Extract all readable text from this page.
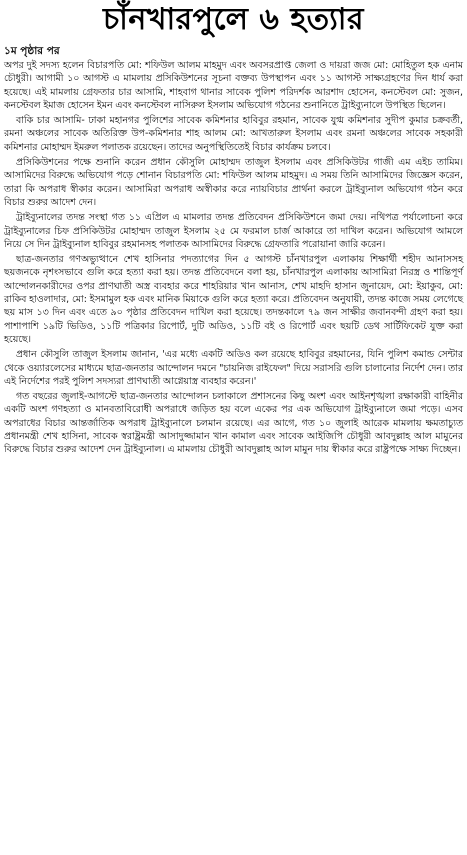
চাঁনখারপুলে ৬ হত্যার
১ম পৃষ্ঠার পর

অপর দুই সদস্য হলেন বিচারপতি মো: শফিউল আলম মাহমুদ এবং অবসরপ্রাপ্ত জেলা ও দায়রা জজ মো: মোহিতুল হক এনাম চৌধুরী। আগামী ১০ আগস্ট এ মামলায় প্রসিকিউশনের সূচনা বক্তব্য উপস্থাপন এবং ১১ আগস্ট সাক্ষ্যগ্রহণের দিন ধার্য করা হয়েছে। এই মামলায় গ্রেফতার চার আসামি, শাহবাগ থানার সাবেক পুলিশ পরিদর্শক আরশাদ হোসেন, কনস্টেবল মো: সুজন, কনস্টেবল ইমাজ হোসেন ইমন এবং কনস্টেবল নাসিরুল ইসলাম অভিযোগ গঠনের শুনানিতে ট্রাইব্যুনালে উপস্থিত ছিলেন।

বাকি চার আসামি- ঢাকা মহানগর পুলিশের সাবেক কমিশনার হাবিবুর রহমান, সাবেক যুগ্ম কমিশনার সুদীপ কুমার চক্রবর্তী, রমনা অঞ্চলের সাবেক অতিরিক্ত উপ-কমিশনার শাহ আলম মো: আখতারুল ইসলাম এবং রমনা অঞ্চলের সাবেক সহকারী কমিশনার মোহাম্মদ ইমরুল পলাতক রয়েছেন। তাদের অনুপস্থিতিতেই বিচার কার্যক্রম চলবে।

প্রসিকিউশনের পক্ষে শুনানি করেন প্রধান কৌসুলি মোহাম্মদ তাজুল ইসলাম এবং প্রসিকিউটর গাজী এম এইচ তামিম। আসামিদের বিরুদ্ধে অভিযোগ পড়ে শোনান বিচারপতি মো: শফিউল আলম মাহমুদ। এ সময় তিনি আসামিদের জিজ্ঞেস করেন, তারা কি অপরাধ স্বীকার করেন। আসামিরা অপরাধ অস্বীকার করে ন্যায়বিচার প্রার্থনা করলে ট্রাইব্যুনাল অভিযোগ গঠন করে বিচার শুরুর আদেশ দেন।

ট্রাইব্যুনালের তদন্ত সংস্থা গত ১১ এপ্রিল এ মামলার তদন্ত প্রতিবেদন প্রসিকিউশনে জমা দেয়। নথিপত্র পর্যালোচনা করে ট্রাইব্যুনালের চিফ প্রসিকিউটর মোহাম্মদ তাজুল ইসলাম ২৫ মে ফরমাল চার্জ আকারে তা দাখিল করেন। অভিযোগ আমলে নিয়ে সে দিন ট্রাইব্যুনাল হাবিবুর রহমানসহ পলাতক আসামিদের বিরুদ্ধে গ্রেফতারি পরোয়ানা জারি করেন।

ছাত্র-জনতার গণঅভ্যুত্থানে শেখ হাসিনার পদত্যাগের দিন ৫ আগস্ট চাঁনখারপুল এলাকায় শিক্ষার্থী শহীদ আনাসসহ ছয়জনকে নৃশংসভাবে গুলি করে হত্যা করা হয়। তদন্ত প্রতিবেদনে বলা হয়, চাঁনখারপুল এলাকায় আসামিরা নিরস্ত্র ও শান্তিপূর্ণ আন্দোলনকারীদের ওপর প্রাণঘাতী অস্ত্র ব্যবহার করে শাহরিয়ার খান আনাস, শেখ মাহদি হাসান জুনায়েদ, মো: ইয়াকুব, মো: রাকিব হাওলাদার, মো: ইসমামুল হক এবং মানিক মিয়াকে গুলি করে হত্যা করে। প্রতিবেদন অনুযায়ী, তদন্ত কাজে সময় লেগেছে ছয় মাস ১৩ দিন এবং এতে ৯০ পৃষ্ঠার প্রতিবেদন দাখিল করা হয়েছে। তদন্তকালে ৭৯ জন সাক্ষীর জবানবন্দী গ্রহণ করা হয়। পাশাপাশি ১৯টি ভিডিও, ১১টি পত্রিকার রিপোর্ট, দুটি অডিও, ১১টি বই ও রিপোর্ট এবং ছয়টি ডেথ সার্টিফিকেট যুক্ত করা হয়েছে।

প্রধান কৌসুলি তাজুল ইসলাম জানান, 'এর মধ্যে একটি অডিও কল রয়েছে হাবিবুর রহমানের, যিনি পুলিশ কমান্ড সেন্টার থেকে ওয়্যারলেসের মাধ্যমে ছাত্র-জনতার আন্দোলন দমনে "চায়নিজ রাইফেল" দিয়ে সরাসরি গুলি চালানোর নির্দেশ দেন। তার এই নির্দেশের পরই পুলিশ সদস্যরা প্রাণঘাতী আগ্নেয়াস্ত্র ব্যবহার করেন।'

গত বছরের জুলাই-আগস্টে ছাত্র-জনতার আন্দোলন চলাকালে প্রশাসনের কিছু অংশ এবং আইনশৃঙ্খলা রক্ষাকারী বাহিনীর একটি অংশ গণহত্যা ও মানবতাবিরোধী অপরাধে জড়িত হয় বলে একের পর এক অভিযোগ ট্রাইব্যুনালে জমা পড়ে। এসব অপরাধের বিচার আন্তর্জাতিক অপরাধ ট্রাইব্যুনালে চলমান রয়েছে। এর আগে, গত ১০ জুলাই আরেক মামলায় ক্ষমতাচ্যুত প্রধানমন্ত্রী শেখ হাসিনা, সাবেক স্বরাষ্ট্রমন্ত্রী আসাদুজ্জামান খান কামাল এবং সাবেক আইজিপি চৌধুরী আবদুল্লাহ আল মামুনের বিরুদ্ধে বিচার শুরুর আদেশ দেন ট্রাইব্যুনাল। এ মামলায় চৌধুরী আবদুল্লাহ আল মামুন দায় স্বীকার করে রাষ্ট্রপক্ষে সাক্ষ্য দিচ্ছেন।
